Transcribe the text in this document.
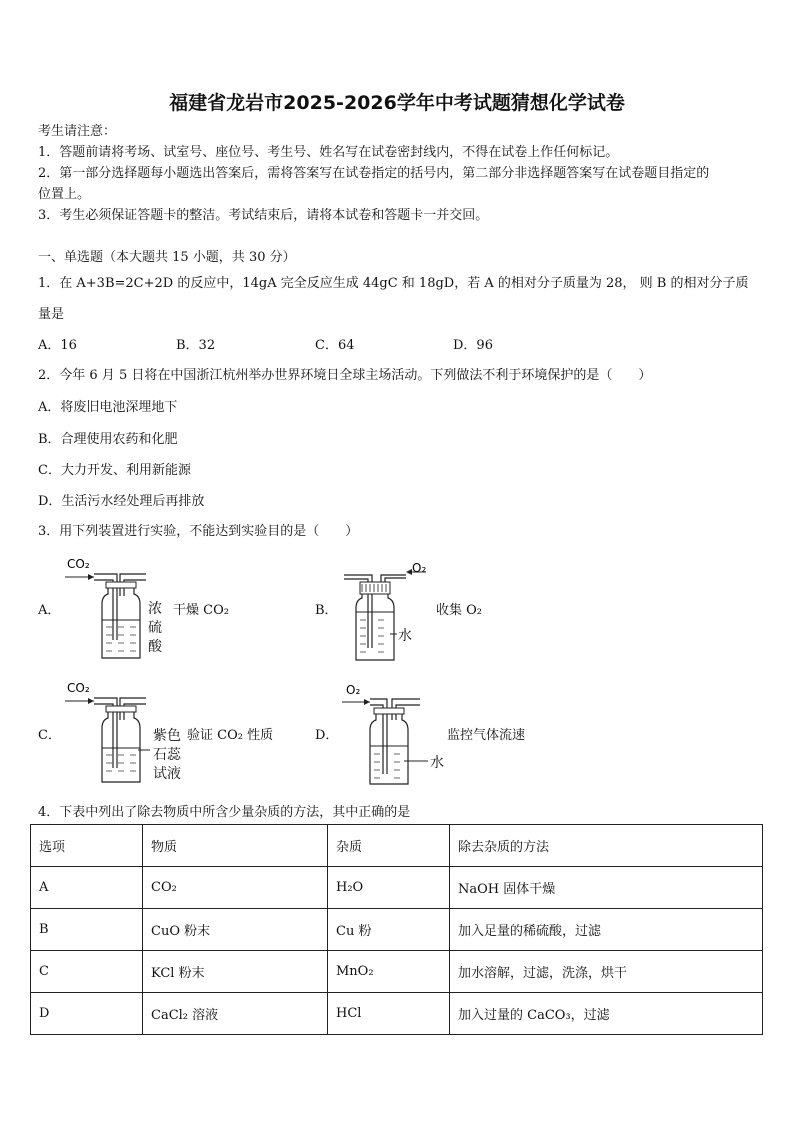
福建省龙岩市2025-2026学年中考试题猜想化学试卷
考生请注意：
1．答题前请将考场、试室号、座位号、考生号、姓名写在试卷密封线内，不得在试卷上作任何标记。
2．第一部分选择题每小题选出答案后，需将答案写在试卷指定的括号内，第二部分非选择题答案写在试卷题目指定的
位置上。
3．考生必须保证答题卡的整洁。考试结束后，请将本试卷和答题卡一并交回。
一、单选题（本大题共 15 小题，共 30 分）
1．在 A+3B=2C+2D 的反应中，14gA 完全反应生成 44gC 和 18gD，若 A 的相对分子质量为 28， 则 B 的相对分子质
量是
A．16	B．32	C．64	D．96
2．今年 6 月 5 日将在中国浙江杭州举办世界环境日全球主场活动。下列做法不利于环境保护的是（　　）
A．将废旧电池深埋地下
B．合理使用农药和化肥
C．大力开发、利用新能源
D．生活污水经处理后再排放
3．用下列装置进行实验，不能达到实验目的是（　　）
A．
CO₂
浓
硫
酸
干燥 CO₂	B．
O₂
水
收集 O₂
C．
CO₂
紫色
石蕊
试液
验证 CO₂ 性质	D．
O₂
水
监控气体流速
4．下表中列出了除去物质中所含少量杂质的方法，其中正确的是
选项	物质	杂质	除去杂质的方法
A	CO₂	H₂O	NaOH 固体干燥
B	CuO 粉末	Cu 粉	加入足量的稀硫酸，过滤
C	KCl 粉末	MnO₂	加水溶解，过滤，洗涤，烘干
D	CaCl₂ 溶液	HCl	加入过量的 CaCO₃，过滤
